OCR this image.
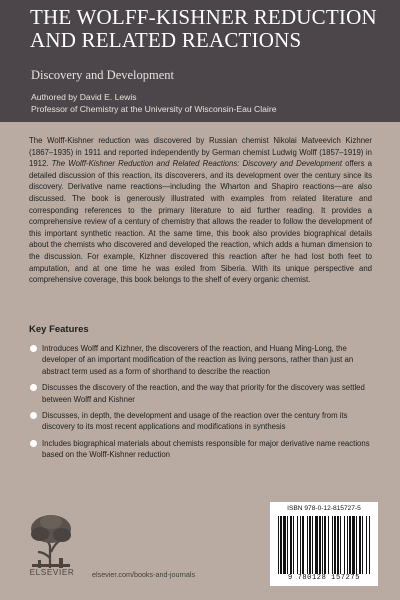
THE WOLFF-KISHNER REDUCTION
AND RELATED REACTIONS
Discovery and Development
Authored by David E. Lewis
Professor of Chemistry at the University of Wisconsin-Eau Claire

The Wolff-Kishner reduction was discovered by Russian chemist Nikolai Matveevich Kizhner (1867–1935) in 1911 and reported independently by German chemist Ludwig Wolff (1857–1919) in 1912. The Wolff-Kishner Reduction and Related Reactions: Discovery and Development offers a detailed discussion of this reaction, its discoverers, and its development over the century since its discovery. Derivative name reactions—including the Wharton and Shapiro reactions—are also discussed. The book is generously illustrated with examples from related literature and corresponding references to the primary literature to aid further reading. It provides a comprehensive review of a century of chemistry that allows the reader to follow the development of this important synthetic reaction. At the same time, this book also provides biographical details about the chemists who discovered and developed the reaction, which adds a human dimension to the discussion. For example, Kizhner discovered this reaction after he had lost both feet to amputation, and at one time he was exiled from Siberia. With its unique perspective and comprehensive coverage, this book belongs to the shelf of every organic chemist.

Key Features
Introduces Wolff and Kizhner, the discoverers of the reaction, and Huang Ming-Long, the developer of an important modification of the reaction as living persons, rather than just an abstract term used as a form of shorthand to describe the reaction
Discusses the discovery of the reaction, and the way that priority for the discovery was settled between Wolff and Kishner
Discusses, in depth, the development and usage of the reaction over the century from its discovery to its most recent applications and modifications in synthesis
Includes biographical materials about chemists responsible for major derivative name reactions based on the Wolff-Kishner reduction
ELSEVIER	elsevier.com/books-and-journals
ISBN 978-0-12-815727-5
9 780128 157275
